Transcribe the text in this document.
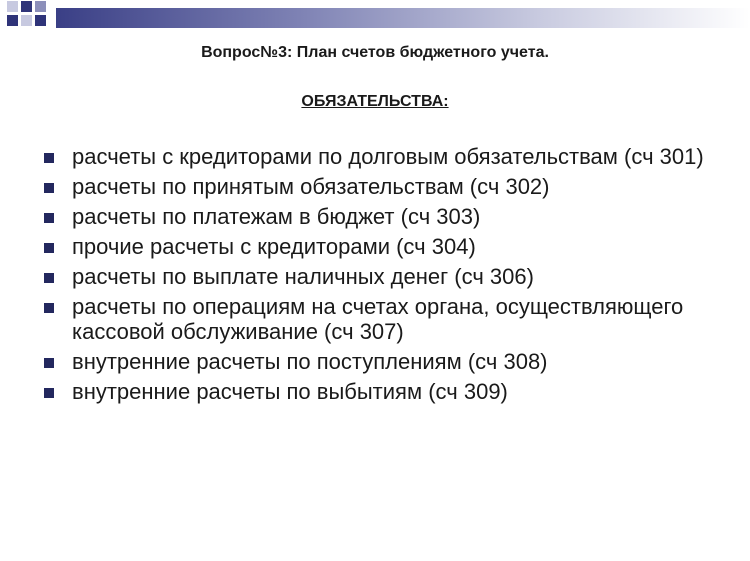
Вопрос№3: План счетов бюджетного учета.
ОБЯЗАТЕЛЬСТВА:
расчеты с кредиторами по долговым обязательствам (сч 301)
расчеты по принятым обязательствам (сч 302)
расчеты по платежам в бюджет (сч 303)
прочие расчеты с кредиторами (сч 304)
расчеты по выплате наличных денег (сч 306)
расчеты по операциям на счетах органа, осуществляющего кассовой обслуживание (сч 307)
внутренние расчеты по поступлениям (сч 308)
внутренние расчеты по выбытиям (сч 309)
